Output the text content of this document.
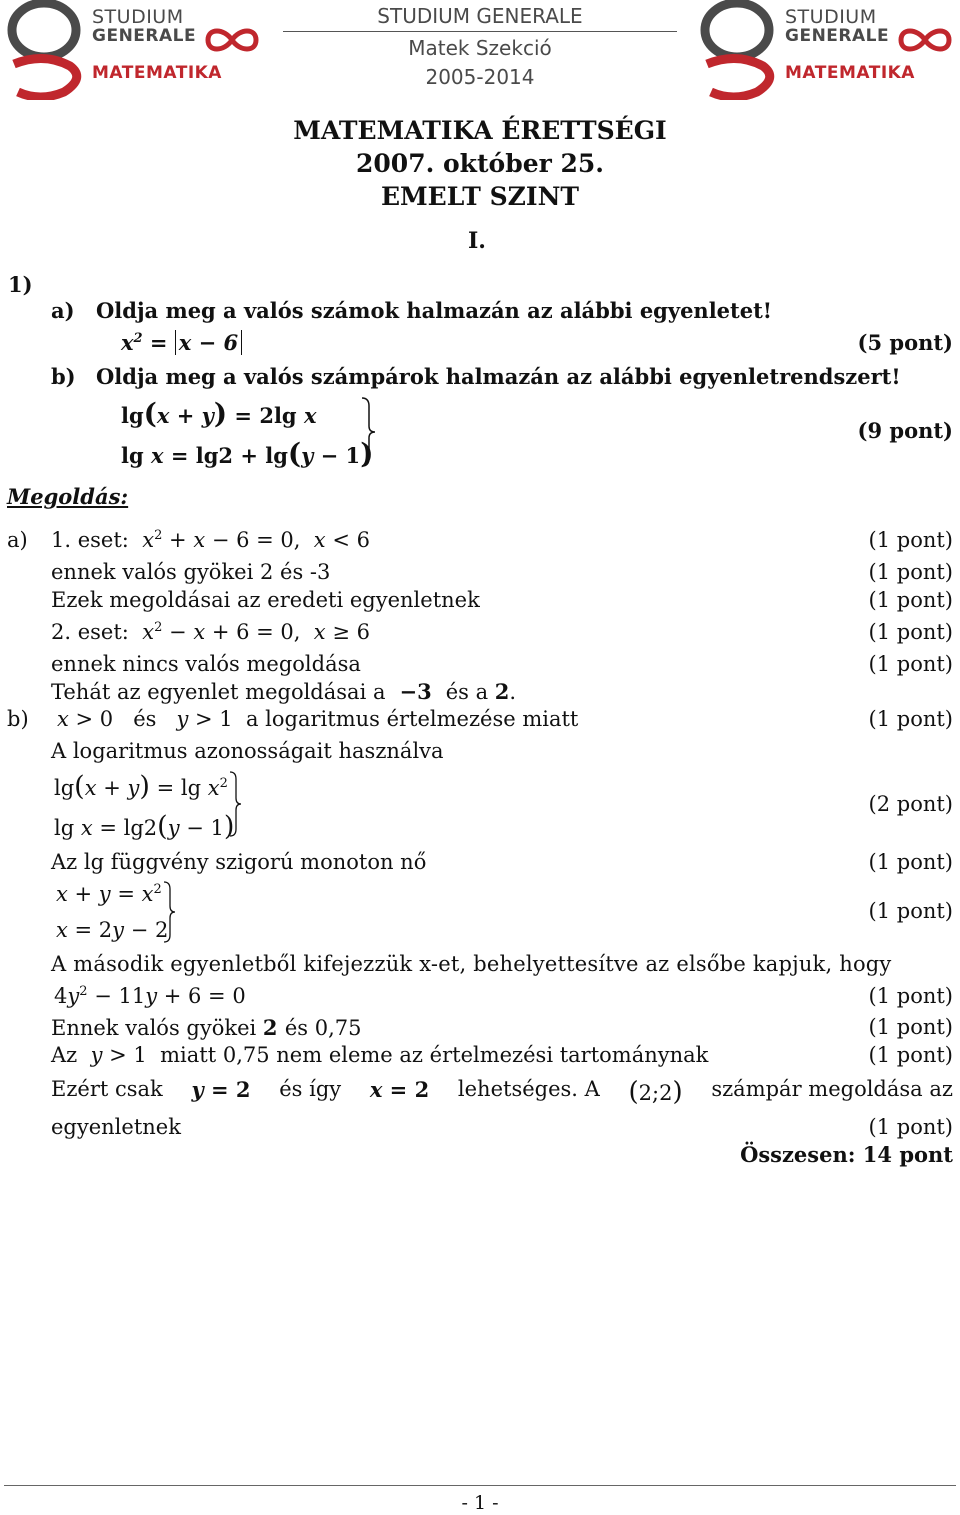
STUDIUM
GENERALE
MATEMATIKA
STUDIUM GENERALE
Matek Szekció
2005-2014
STUDIUM
GENERALE
MATEMATIKA
MATEMATIKA ÉRETTSÉGI
2007. október 25.
EMELT SZINT
I.
1)
a) Oldja meg a valós számok halmazán az alábbi egyenletet!
$x^2 = x - 6$	(5 pont)
b) Oldja meg a valós számpárok halmazán az alábbi egyenletrendszert!
lg(x + y) = 2lg x
lg x = lg2 + lg(y − 1)
(9 pont)
Megoldás:
a) 1. eset: $x^2 + x - 6 = 0$,  x < 6	(1 pont)
ennek valós gyökei 2 és -3	(1 pont)
Ezek megoldásai az eredeti egyenletnek	(1 pont)
2. eset: $x^2 - x + 6 = 0$,  x ≥ 6	(1 pont)
ennek nincs valós megoldása	(1 pont)
Tehát az egyenlet megoldásai a  −3  és a 2.
b) x > 0   és y > 1  a logaritmus értelmezése miatt	(1 pont)
A logaritmus azonosságait használva
$\lg(x + y) = \lg x^2$
lg x = lg2(y − 1)
(2 pont)
Az lg függvény szigorú monoton nő	(1 pont)
$x + y = x^2$
x = 2y − 2
(1 pont)
A második egyenletből kifejezzük x-et, behelyettesítve az elsőbe kapjuk, hogy
$4y^2 - 11y + 6 = 0$	(1 pont)
Ennek valós gyökei 2 és 0,75	(1 pont)
Az y > 1  miatt 0,75 nem eleme az értelmezési tartománynak	(1 pont)
Ezért csak y = 2 és így x = 2 lehetséges. A (2;2) számpár megoldása az
egyenletnek	(1 pont)
Összesen: 14 pont
- 1 -
